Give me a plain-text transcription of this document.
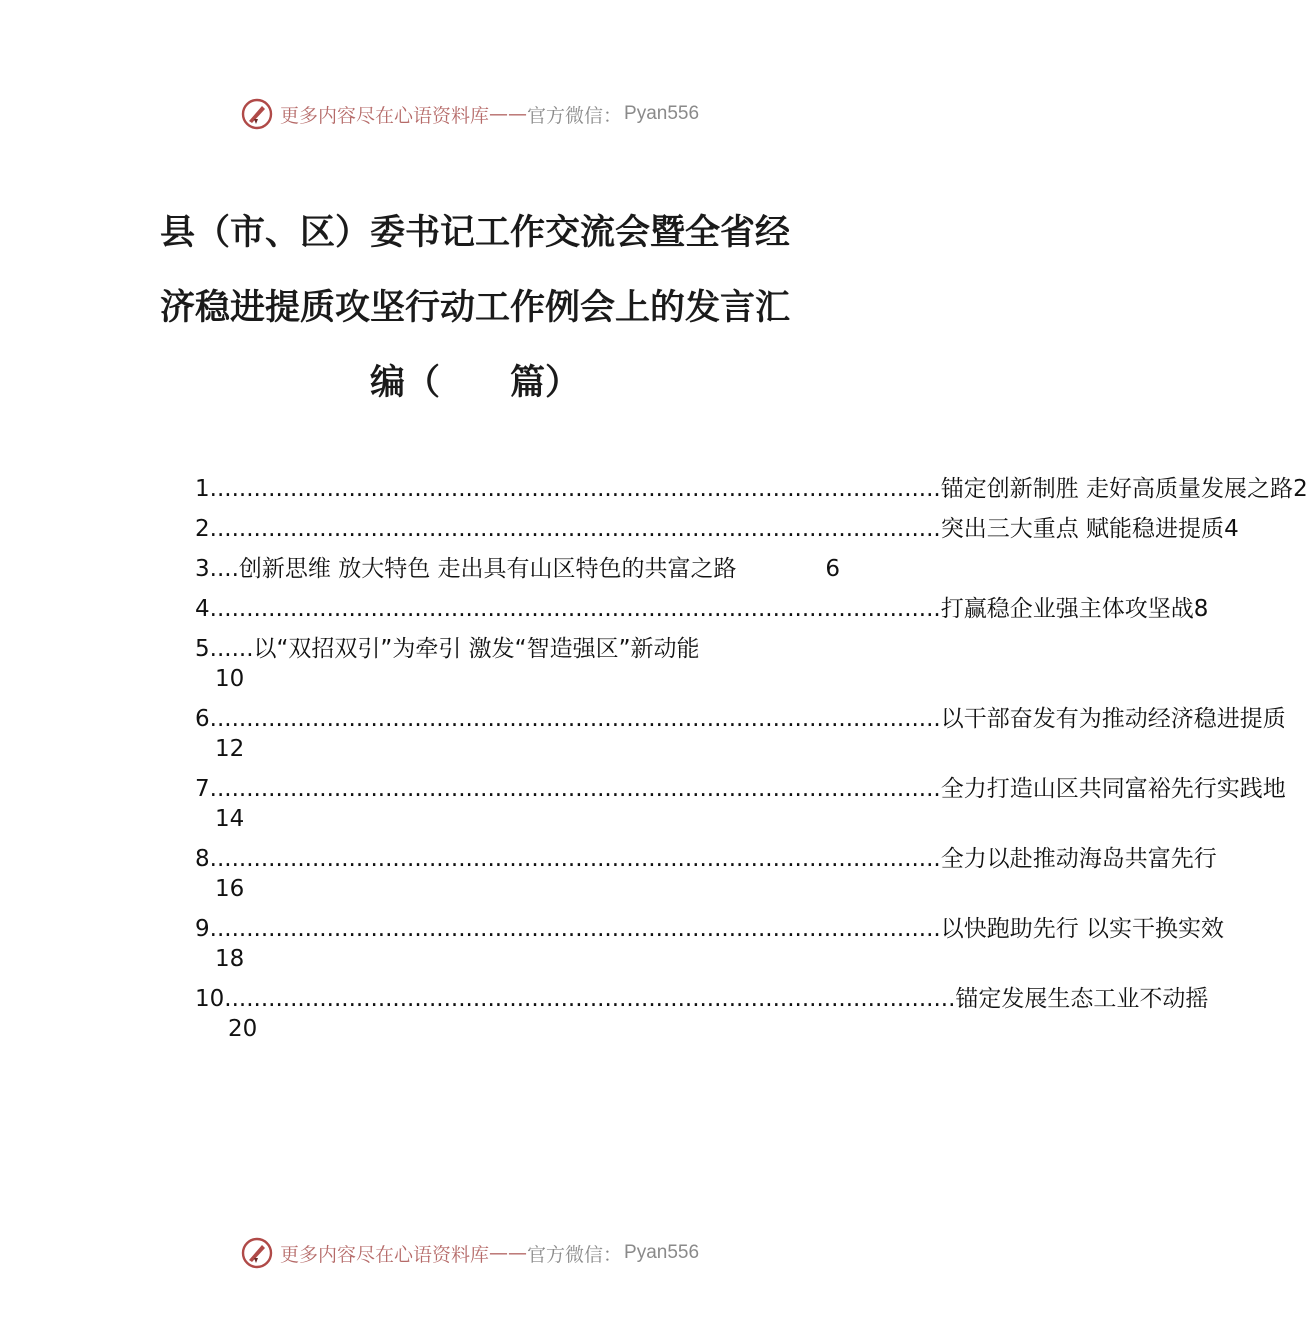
更多内容尽在心语资料库 —— 官方微信： Pyan556
县（市、区）委书记工作交流会暨全省经
济稳进提质攻坚行动工作例会上的发言汇
编（　　篇）
1 .................................................................................................... 锚定创新制胜 走好高质量发展之路 2
2 .................................................................................................... 突出三大重点 赋能稳进提质 4
3 .... 创新思维 放大特色 走出具有山区特色的共富之路	6
4 .................................................................................................... 打赢稳企业强主体攻坚战 8
5 ...... 以“双招双引”为牵引 激发“智造强区”新动能
10
6 .................................................................................................... 以干部奋发有为推动经济稳进提质
12
7 .................................................................................................... 全力打造山区共同富裕先行实践地
14
8 .................................................................................................... 全力以赴推动海岛共富先行
16
9 .................................................................................................... 以快跑助先行 以实干换实效
18
10 .................................................................................................... 锚定发展生态工业不动摇
20
更多内容尽在心语资料库 —— 官方微信： Pyan556
